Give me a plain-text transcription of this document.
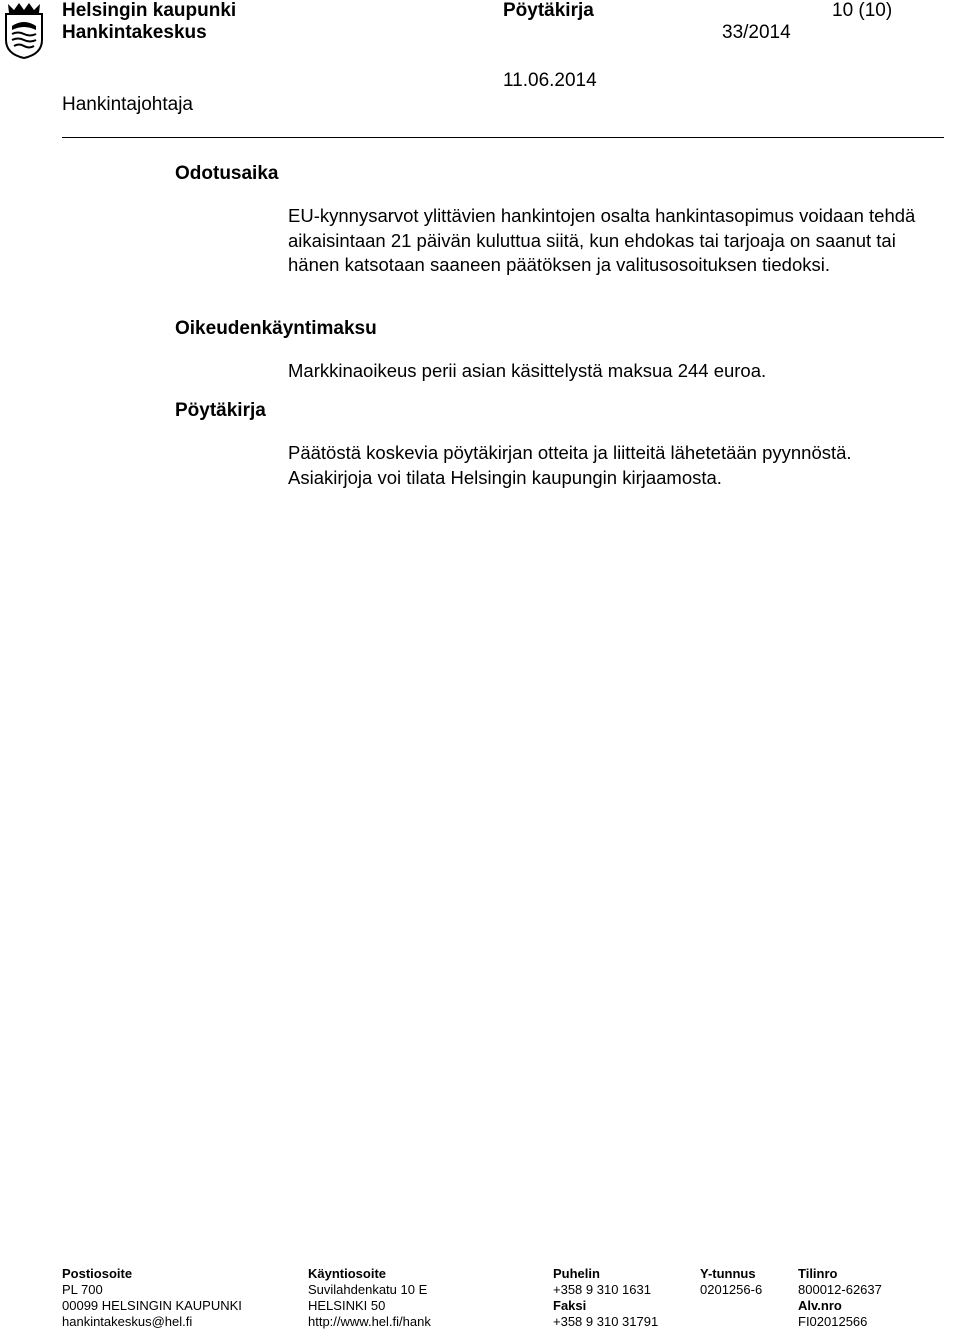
Helsingin kaupunki
Hankintakeskus
Pöytäkirja
33/2014
10 (10)
11.06.2014
Hankintajohtaja
Odotusaika
EU-kynnysarvot ylittävien hankintojen osalta hankintasopimus voidaan tehdä aikaisintaan 21 päivän kuluttua siitä, kun ehdokas tai tarjoaja on saanut tai hänen katsotaan saaneen päätöksen ja valitusosoituksen tiedoksi.
Oikeudenkäyntimaksu
Markkinaoikeus perii asian käsittelystä maksua 244 euroa.
Pöytäkirja
Päätöstä koskevia pöytäkirjan otteita ja liitteitä lähetetään pyynnöstä. Asiakirjoja voi tilata Helsingin kaupungin kirjaamosta.
Postiosoite
PL 700
00099 HELSINGIN KAUPUNKI
hankintakeskus@hel.fi
Käyntiosoite
Suvilahdenkatu 10 E
HELSINKI 50
http://www.hel.fi/hank
Puhelin
+358 9 310 1631
Faksi
+358 9 310 31791
Y-tunnus
0201256-6
Tilinro
800012-62637
Alv.nro
FI02012566
